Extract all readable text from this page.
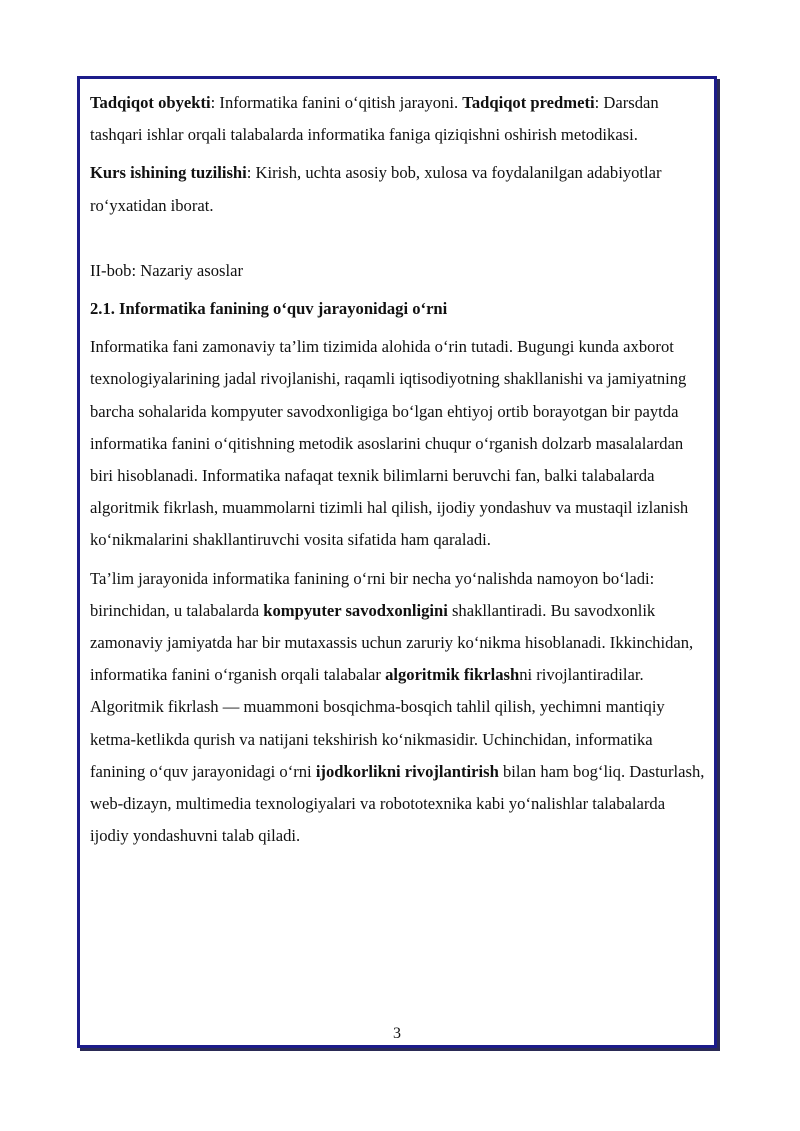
Tadqiqot obyekti: Informatika fanini o‘qitish jarayoni. Tadqiqot predmeti: Darsdan tashqari ishlar orqali talabalarda informatika faniga qiziqishni oshirish metodikasi.

Kurs ishining tuzilishi: Kirish, uchta asosiy bob, xulosa va foydalanilgan adabiyotlar ro‘yxatidan iborat.

II-bob: Nazariy asoslar

2.1. Informatika fanining o‘quv jarayonidagi o‘rni

Informatika fani zamonaviy ta’lim tizimida alohida o‘rin tutadi. Bugungi kunda axborot texnologiyalarining jadal rivojlanishi, raqamli iqtisodiyotning shakllanishi va jamiyatning barcha sohalarida kompyuter savodxonligiga bo‘lgan ehtiyoj ortib borayotgan bir paytda informatika fanini o‘qitishning metodik asoslarini chuqur o‘rganish dolzarb masalalardan biri hisoblanadi. Informatika nafaqat texnik bilimlarni beruvchi fan, balki talabalarda algoritmik fikrlash, muammolarni tizimli hal qilish, ijodiy yondashuv va mustaqil izlanish ko‘nikmalarini shakllantiruvchi vosita sifatida ham qaraladi.

Ta’lim jarayonida informatika fanining o‘rni bir necha yo‘nalishda namoyon bo‘ladi: birinchidan, u talabalarda kompyuter savodxonligini shakllantiradi. Bu savodxonlik zamonaviy jamiyatda har bir mutaxassis uchun zaruriy ko‘nikma hisoblanadi. Ikkinchidan, informatika fanini o‘rganish orqali talabalar algoritmik fikrlashni rivojlantiradilar. Algoritmik fikrlash — muammoni bosqichma-bosqich tahlil qilish, yechimni mantiqiy ketma-ketlikda qurish va natijani tekshirish ko‘nikmasidir. Uchinchidan, informatika fanining o‘quv jarayonidagi o‘rni ijodkorlikni rivojlantirish bilan ham bog‘liq. Dasturlash, web-dizayn, multimedia texnologiyalari va robototexnika kabi yo‘nalishlar talabalarda ijodiy yondashuvni talab qiladi.

3
